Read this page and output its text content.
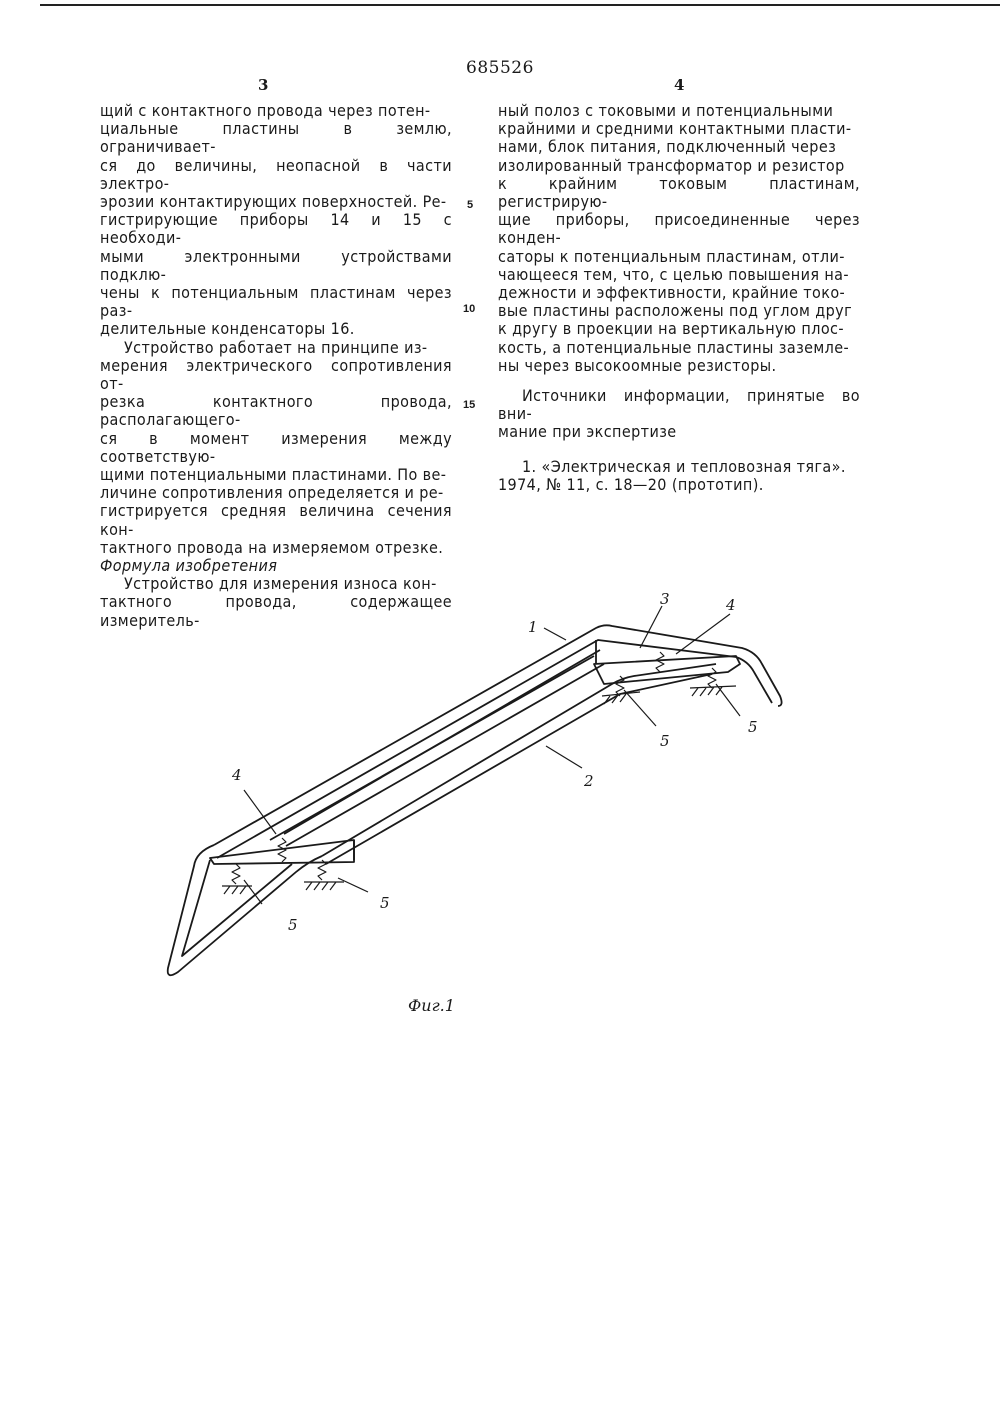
685526
3	4

щий с контактного провода через потен-

циальные пластины в землю, ограничивает-

ся до величины, неопасной в части электро-

эрозии контактирующих поверхностей. Ре-

гистрирующие приборы 14 и 15 с необходи-

мыми электронными устройствами подклю-

чены к потенциальным пластинам через раз-

делительные конденсаторы 16.

Устройство работает на принципе из-

мерения электрического сопротивления от-

резка контактного провода, располагающего-

ся в момент измерения между соответствую-

щими потенциальными пластинами. По ве-

личине сопротивления определяется и ре-

гистрируется средняя величина сечения кон-

тактного провода на измеряемом отрезке.

Формула изобретения

Устройство для измерения износа кон-

тактного провода, содержащее измеритель-

5
10
15

ный полоз с токовыми и потенциальными

крайними и средними контактными пласти-

нами, блок питания, подключенный через

изолированный трансформатор и резистор

к крайним токовым пластинам, регистрирую-

щие приборы, присоединенные через конден-

саторы к потенциальным пластинам, отли-

чающееся тем, что, с целью повышения на-

дежности и эффективности, крайние токо-

вые пластины расположены под углом друг

к другу в проекции на вертикальную плос-

кость, а потенциальные пластины заземле-

ны через высокоомные резисторы.

Источники информации, принятые во вни-

мание при экспертизе

1. «Электрическая и тепловозная тяга».

1974, № 11, с. 18—20 (прототип).

1
2
3	4
4
5
5
5
5
Фиг.1
